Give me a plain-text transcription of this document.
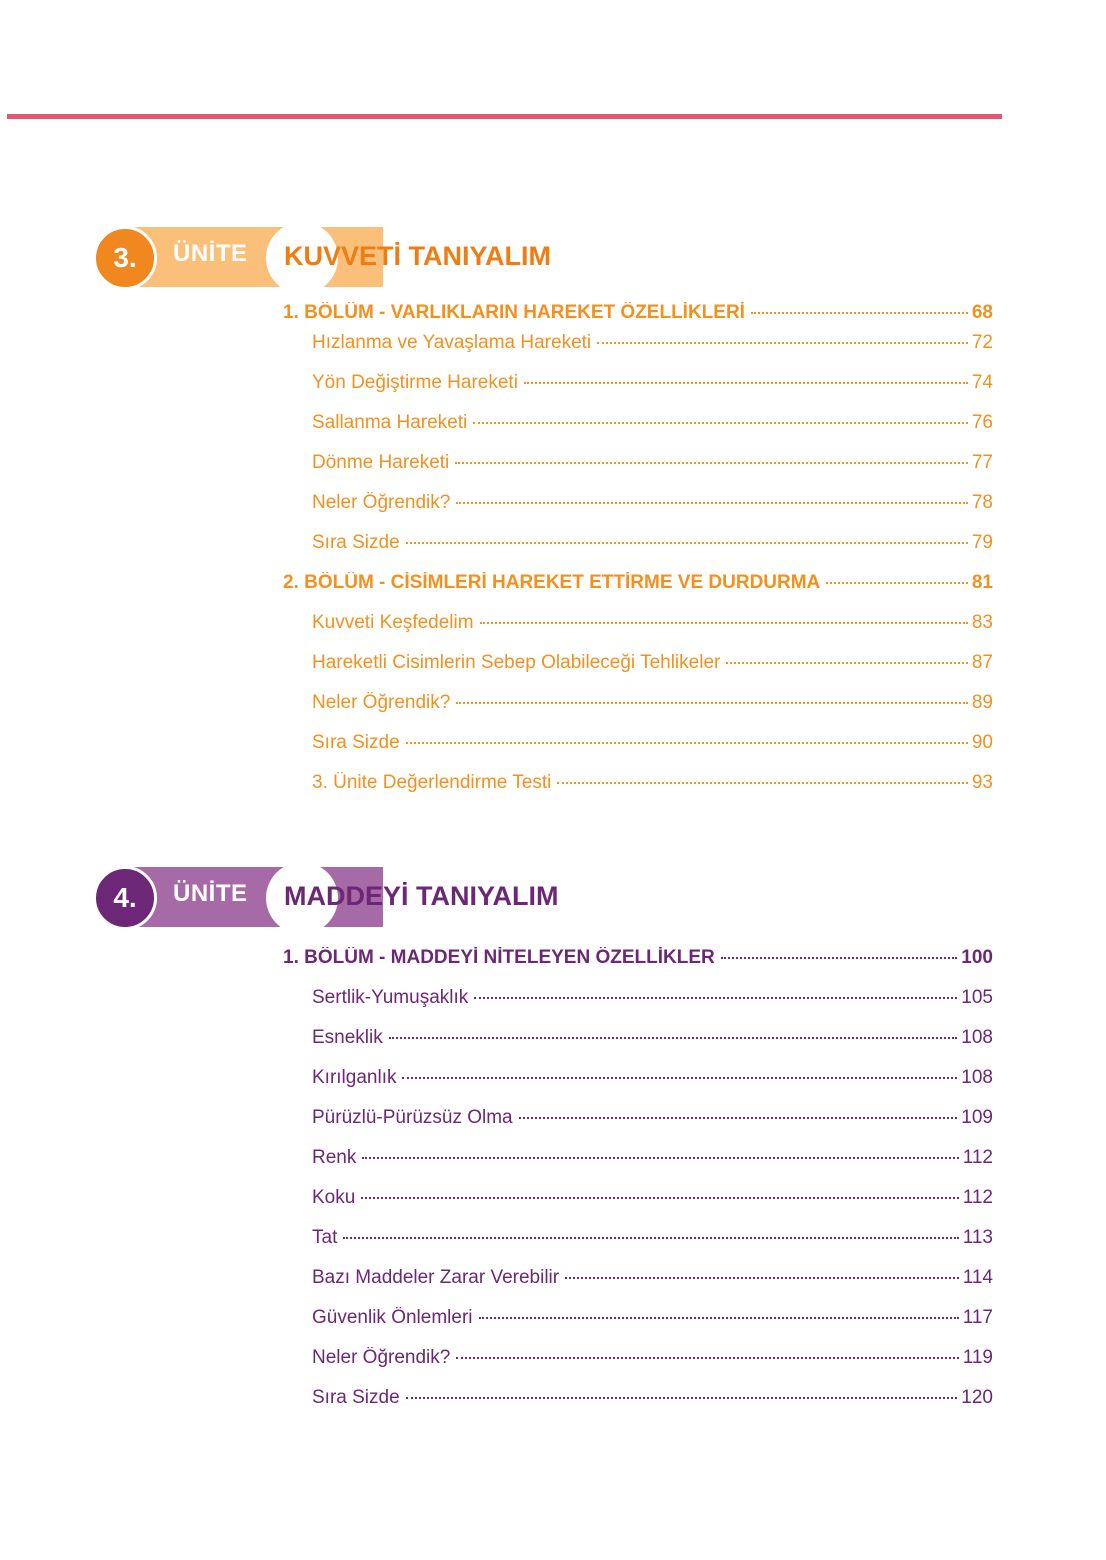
3.	ÜNİTE KUVVETİ TANIYALIM
1. BÖLÜM - VARLIKLARIN HAREKET ÖZELLİKLERİ	68
Hızlanma ve Yavaşlama Hareketi	72
Yön Değiştirme Hareketi	74
Sallanma Hareketi	76
Dönme Hareketi	77
Neler Öğrendik?	78
Sıra Sizde	79
2. BÖLÜM - CİSİMLERİ HAREKET ETTİRME VE DURDURMA	81
Kuvveti Keşfedelim	83
Hareketli Cisimlerin Sebep Olabileceği Tehlikeler	87
Neler Öğrendik?	89
Sıra Sizde	90
3. Ünite Değerlendirme Testi	93
4.	ÜNİTE MADDEYİ TANIYALIM
1. BÖLÜM - MADDEYİ NİTELEYEN ÖZELLİKLER	100
Sertlik-Yumuşaklık	105
Esneklik	108
Kırılganlık	108
Pürüzlü-Pürüzsüz Olma	109
Renk	112
Koku	112
Tat	113
Bazı Maddeler Zarar Verebilir	114
Güvenlik Önlemleri	117
Neler Öğrendik?	119
Sıra Sizde	120
